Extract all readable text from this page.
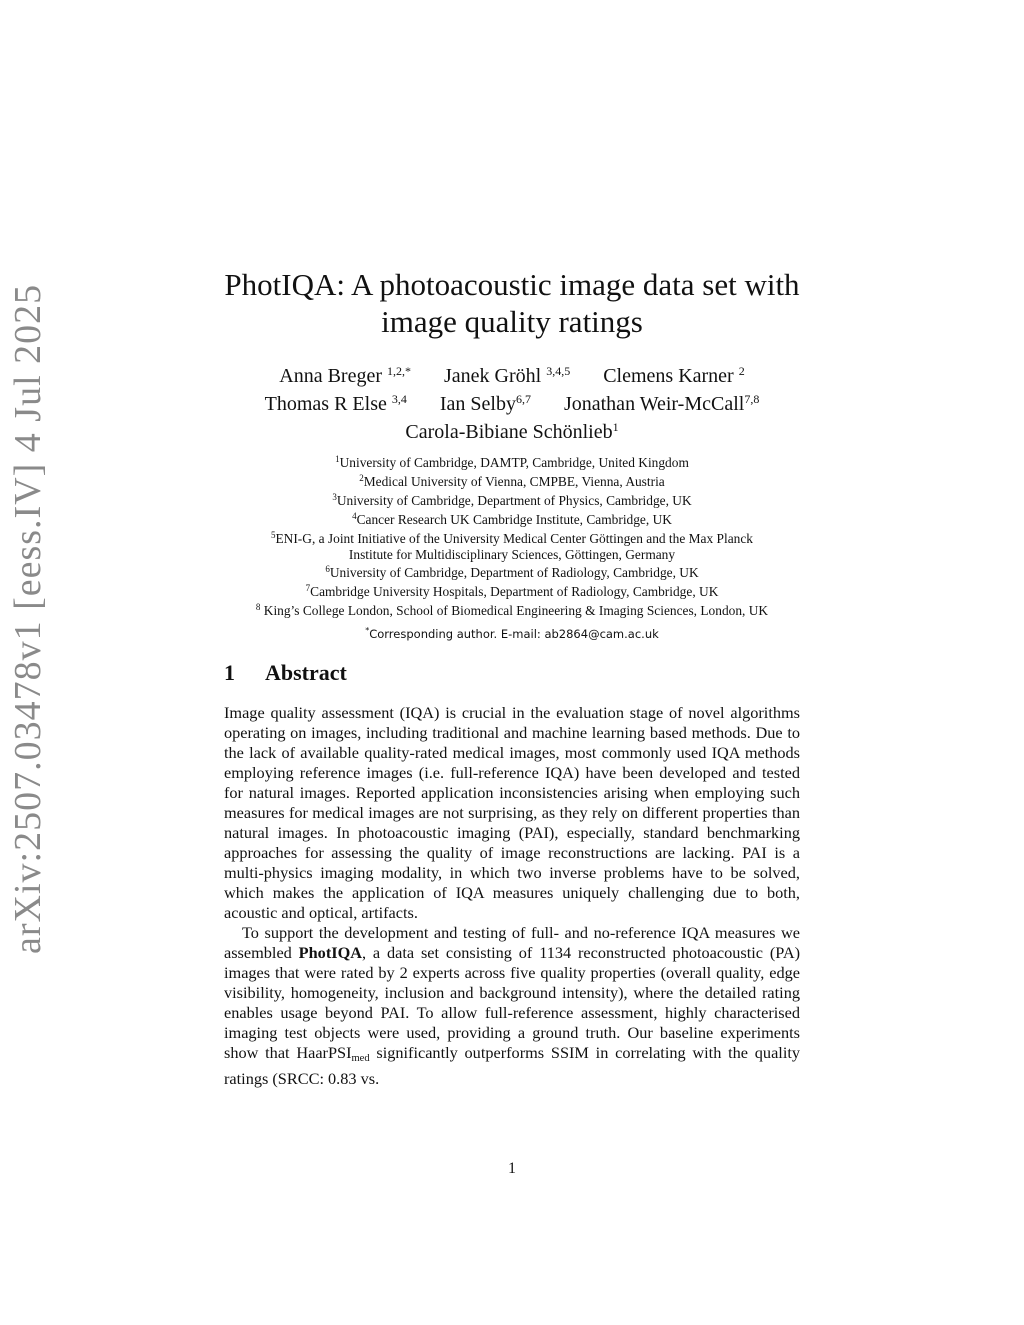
arXiv:2507.03478v1 [eess.IV] 4 Jul 2025	PhotIQA: A photoacoustic image data set with
image quality ratings
Anna Breger $^{1,2,*}$ Janek Gröhl $^{3,4,5}$ Clemens Karner $^2$
Thomas R Else $^{3,4}$ Ian Selby$^{6,7}$ Jonathan Weir-McCall$^{7,8}$
Carola-Bibiane Schönlieb$^1$
$^1$University of Cambridge, DAMTP, Cambridge, United Kingdom
$^2$Medical University of Vienna, CMPBE, Vienna, Austria
$^3$University of Cambridge, Department of Physics, Cambridge, UK
$^4$Cancer Research UK Cambridge Institute, Cambridge, UK
$^5$ENI-G, a Joint Initiative of the University Medical Center Göttingen and the Max Planck
Institute for Multidisciplinary Sciences, Göttingen, Germany
$^6$University of Cambridge, Department of Radiology, Cambridge, UK
$^7$Cambridge University Hospitals, Department of Radiology, Cambridge, UK
$^8$ King’s College London, School of Biomedical Engineering & Imaging Sciences, London, UK
*Corresponding author. E-mail: ab2864@cam.ac.uk
1 Abstract

Image quality assessment (IQA) is crucial in the evaluation stage of novel algorithms operating on images, including traditional and machine learning based methods. Due to the lack of available quality-rated medical images, most commonly used IQA methods employing reference images (i.e. full-reference IQA) have been developed and tested for natural images. Reported application inconsistencies arising when employing such measures for medical images are not surprising, as they rely on different properties than natural images. In photoacoustic imaging (PAI), especially, standard benchmarking approaches for assessing the quality of image reconstructions are lacking. PAI is a multi-physics imaging modality, in which two inverse problems have to be solved, which makes the application of IQA measures uniquely challenging due to both, acoustic and optical, artifacts.

To support the development and testing of full- and no-reference IQA measures we assembled PhotIQA, a data set consisting of 1134 reconstructed photoacoustic (PA) images that were rated by 2 experts across five quality properties (overall quality, edge visibility, homogeneity, inclusion and background intensity), where the detailed rating enables usage beyond PAI. To allow full-reference assessment, highly characterised imaging test objects were used, providing a ground truth. Our baseline experiments show that HaarPSI$_{med}$ significantly outperforms SSIM in correlating with the quality ratings (SRCC: 0.83 vs.

1
